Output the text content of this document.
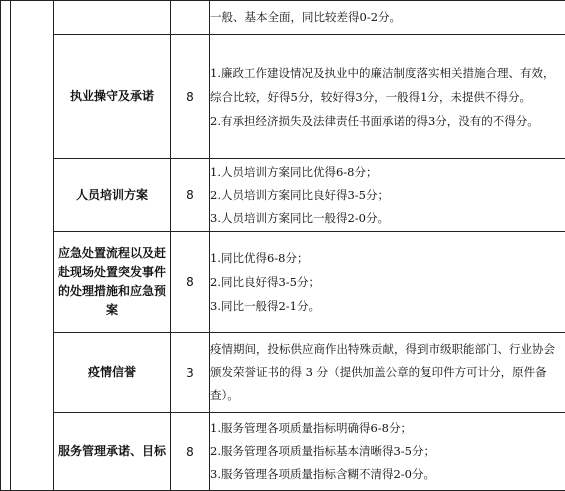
				一般、基本全面，同比较差得0-2分。

		执业操守及承诺	8	1.廉政工作建设情况及执业中的廉洁制度落实相关措施合理、有效，综合比较，好得5分，较好得3分，一般得1分，未提供不得分。
2.有承担经济损失及法律责任书面承诺的得3分，没有的不得分。

		人员培训方案	8	1.人员培训方案同比优得6-8分；
2.人员培训方案同比良好得3-5分；
3.人员培训方案同比一般得2-0分。

		应急处置流程以及赶赴现场处置突发事件的处理措施和应急预案	8	1.同比优得6-8分；
2.同比良好得3-5分；
3.同比一般得2-1分。

		疫情信誉	3	疫情期间，投标供应商作出特殊贡献，得到市级职能部门、行业协会颁发荣誉证书的得 3 分（提供加盖公章的复印件方可计分，原件备查）。

		服务管理承诺、目标	8	1.服务管理各项质量指标明确得6-8分；
2.服务管理各项质量指标基本清晰得3-5分；
3.服务管理各项质量指标含糊不清得2-0分。
